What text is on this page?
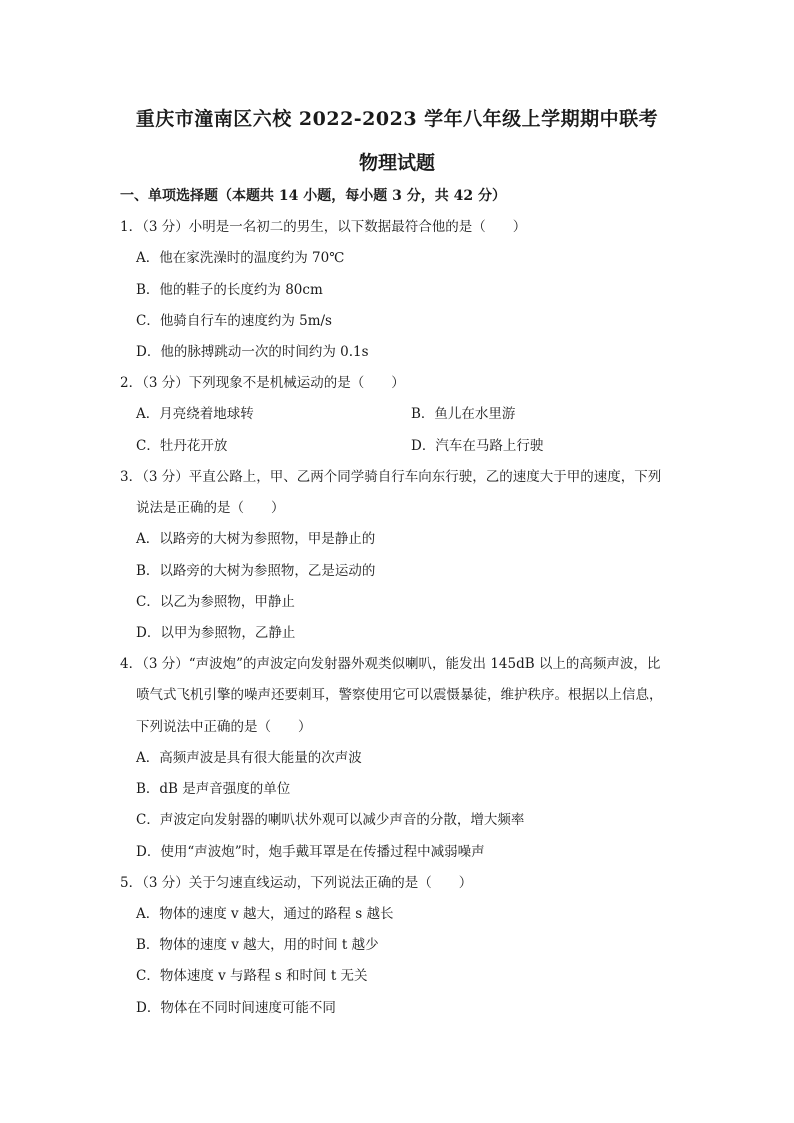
重庆市潼南区六校 2022-2023 学年八年级上学期期中联考
物理试题
一、单项选择题（本题共 14 小题，每小题 3 分，共 42 分）
1．（3 分）小明是一名初二的男生，以下数据最符合他的是（　　）
A．他在家洗澡时的温度约为 70℃
B．他的鞋子的长度约为 80cm
C．他骑自行车的速度约为 5m/s
D．他的脉搏跳动一次的时间约为 0.1s
2．（3 分）下列现象不是机械运动的是（　　）
A．月亮绕着地球转	B．鱼儿在水里游
C．牡丹花开放	D．汽车在马路上行驶
3．（3 分）平直公路上，甲、乙两个同学骑自行车向东行驶，乙的速度大于甲的速度，下列
说法是正确的是（　　）
A．以路旁的大树为参照物，甲是静止的
B．以路旁的大树为参照物，乙是运动的
C．以乙为参照物，甲静止
D．以甲为参照物，乙静止
4．（3 分）“声波炮”的声波定向发射器外观类似喇叭，能发出 145dB 以上的高频声波，比
喷气式飞机引擎的噪声还要刺耳，警察使用它可以震慑暴徒，维护秩序。根据以上信息，
下列说法中正确的是（　　）
A．高频声波是具有很大能量的次声波
B．dB 是声音强度的单位
C．声波定向发射器的喇叭状外观可以减少声音的分散，增大频率
D．使用“声波炮”时，炮手戴耳罩是在传播过程中减弱噪声
5．（3 分）关于匀速直线运动，下列说法正确的是（　　）
A．物体的速度 v 越大，通过的路程 s 越长
B．物体的速度 v 越大，用的时间 t 越少
C．物体速度 v 与路程 s 和时间 t 无关
D．物体在不同时间速度可能不同
